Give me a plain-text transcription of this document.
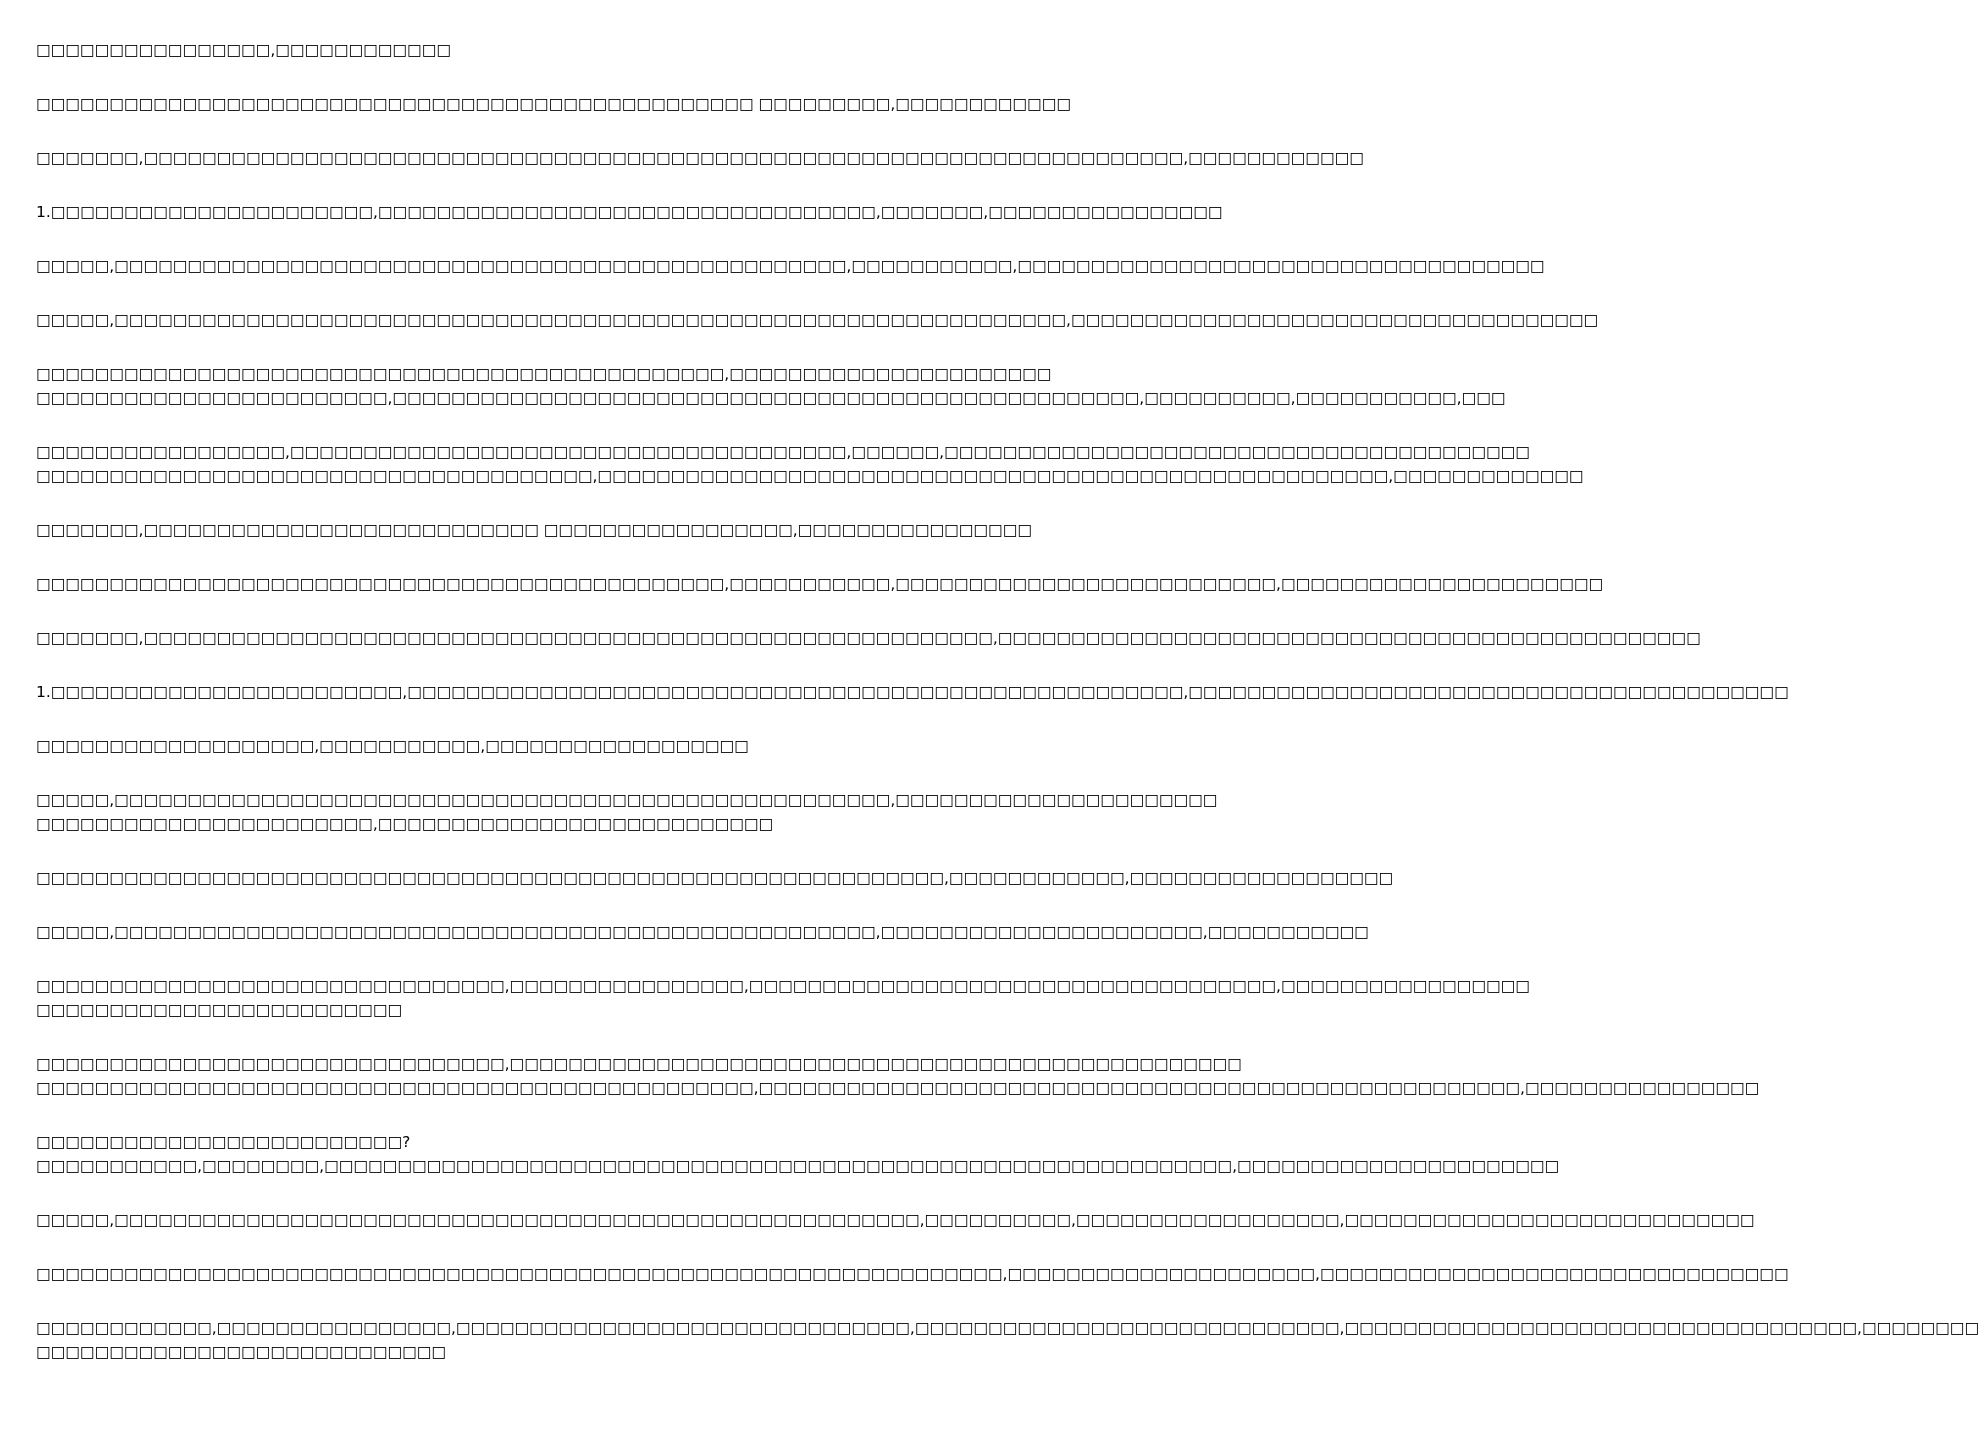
□□□□□□□□□□□□□□□□,□□□□□□□□□□□□
□□□□□□□□□□□□□□□□□□□□□□□□□□□□□□□□□□□□□□□□□□□□□□□□□ □□□□□□□□□,□□□□□□□□□□□□
□□□□□□□,□□□□□□□□□□□□□□□□□□□□□□□□□□□□□□□□□□□□□□□□□□□□□□□□□□□□□□□□□□□□□□□□□□□□□□□,□□□□□□□□□□□□
1.□□□□□□□□□□□□□□□□□□□□□□,□□□□□□□□□□□□□□□□□□□□□□□□□□□□□□□□□□,□□□□□□□,□□□□□□□□□□□□□□□□
□□□□□,□□□□□□□□□□□□□□□□□□□□□□□□□□□□□□□□□□□□□□□□□□□□□□□□□□,□□□□□□□□□□□,□□□□□□□□□□□□□□□□□□□□□□□□□□□□□□□□□□□□
□□□□□,□□□□□□□□□□□□□□□□□□□□□□□□□□□□□□□□□□□□□□□□□□□□□□□□□□□□□□□□□□□□□□□□□,□□□□□□□□□□□□□□□□□□□□□□□□□□□□□□□□□□□□
□□□□□□□□□□□□□□□□□□□□□□□□□□□□□□□□□□□□□□□□□□□□□□□,□□□□□□□□□□□□□□□□□□□□□□
□□□□□□□□□□□□□□□□□□□□□□□□,□□□□□□□□□□□□□□□□□□□□□□□□□□□□□□□□□□□□□□□□□□□□□□□□□□□,□□□□□□□□□□,□□□□□□□□□□□,□□□
□□□□□□□□□□□□□□□□□,□□□□□□□□□□□□□□□□□□□□□□□□□□□□□□□□□□□□□□,□□□□□□,□□□□□□□□□□□□□□□□□□□□□□□□□□□□□□□□□□□□□□□□
□□□□□□□□□□□□□□□□□□□□□□□□□□□□□□□□□□□□□□,□□□□□□□□□□□□□□□□□□□□□□□□□□□□□□□□□□□□□□□□□□□□□□□□□□□□□□,□□□□□□□□□□□□□
□□□□□□□,□□□□□□□□□□□□□□□□□□□□□□□□□□□ □□□□□□□□□□□□□□□□□,□□□□□□□□□□□□□□□□
□□□□□□□□□□□□□□□□□□□□□□□□□□□□□□□□□□□□□□□□□□□□□□□,□□□□□□□□□□□,□□□□□□□□□□□□□□□□□□□□□□□□□□,□□□□□□□□□□□□□□□□□□□□□□
□□□□□□□,□□□□□□□□□□□□□□□□□□□□□□□□□□□□□□□□□□□□□□□□□□□□□□□□□□□□□□□□□□,□□□□□□□□□□□□□□□□□□□□□□□□□□□□□□□□□□□□□□□□□□□□□□□□
1.□□□□□□□□□□□□□□□□□□□□□□□□,□□□□□□□□□□□□□□□□□□□□□□□□□□□□□□□□□□□□□□□□□□□□□□□□□□□□□,□□□□□□□□□□□□□□□□□□□□□□□□□□□□□□□□□□□□□□□□□
□□□□□□□□□□□□□□□□□□□,□□□□□□□□□□□,□□□□□□□□□□□□□□□□□□
□□□□□,□□□□□□□□□□□□□□□□□□□□□□□□□□□□□□□□□□□□□□□□□□□□□□□□□□□□□,□□□□□□□□□□□□□□□□□□□□□□
□□□□□□□□□□□□□□□□□□□□□□□,□□□□□□□□□□□□□□□□□□□□□□□□□□□
□□□□□□□□□□□□□□□□□□□□□□□□□□□□□□□□□□□□□□□□□□□□□□□□□□□□□□□□□□□□□□,□□□□□□□□□□□□,□□□□□□□□□□□□□□□□□□
□□□□□,□□□□□□□□□□□□□□□□□□□□□□□□□□□□□□□□□□□□□□□□□□□□□□□□□□□□,□□□□□□□□□□□□□□□□□□□□□□,□□□□□□□□□□□
□□□□□□□□□□□□□□□□□□□□□□□□□□□□□□□□,□□□□□□□□□□□□□□□□,□□□□□□□□□□□□□□□□□□□□□□□□□□□□□□□□□□□□,□□□□□□□□□□□□□□□□□
□□□□□□□□□□□□□□□□□□□□□□□□□
□□□□□□□□□□□□□□□□□□□□□□□□□□□□□□□□,□□□□□□□□□□□□□□□□□□□□□□□□□□□□□□□□□□□□□□□□□□□□□□□□□□
□□□□□□□□□□□□□□□□□□□□□□□□□□□□□□□□□□□□□□□□□□□□□□□□□,□□□□□□□□□□□□□□□□□□□□□□□□□□□□□□□□□□□□□□□□□□□□□□□□□□□□,□□□□□□□□□□□□□□□□
□□□□□□□□□□□□□□□□□□□□□□□□□?
□□□□□□□□□□□,□□□□□□□□,□□□□□□□□□□□□□□□□□□□□□□□□□□□□□□□□□□□□□□□□□□□□□□□□□□□□□□□□□□□□□□,□□□□□□□□□□□□□□□□□□□□□□
□□□□□,□□□□□□□□□□□□□□□□□□□□□□□□□□□□□□□□□□□□□□□□□□□□□□□□□□□□□□□,□□□□□□□□□□,□□□□□□□□□□□□□□□□□□,□□□□□□□□□□□□□□□□□□□□□□□□□□□□
□□□□□□□□□□□□□□□□□□□□□□□□□□□□□□□□□□□□□□□□□□□□□□□□□□□□□□□□□□□□□□□□□□,□□□□□□□□□□□□□□□□□□□□□,□□□□□□□□□□□□□□□□□□□□□□□□□□□□□□□□
□□□□□□□□□□□□,□□□□□□□□□□□□□□□□,□□□□□□□□□□□□□□□□□□□□□□□□□□□□□□□,□□□□□□□□□□□□□□□□□□□□□□□□□□□□□,□□□□□□□□□□□□□□□□□□□□□□□□□□□□□□□□□□□,□□□□□□□□
□□□□□□□□□□□□□□□□□□□□□□□□□□□□
